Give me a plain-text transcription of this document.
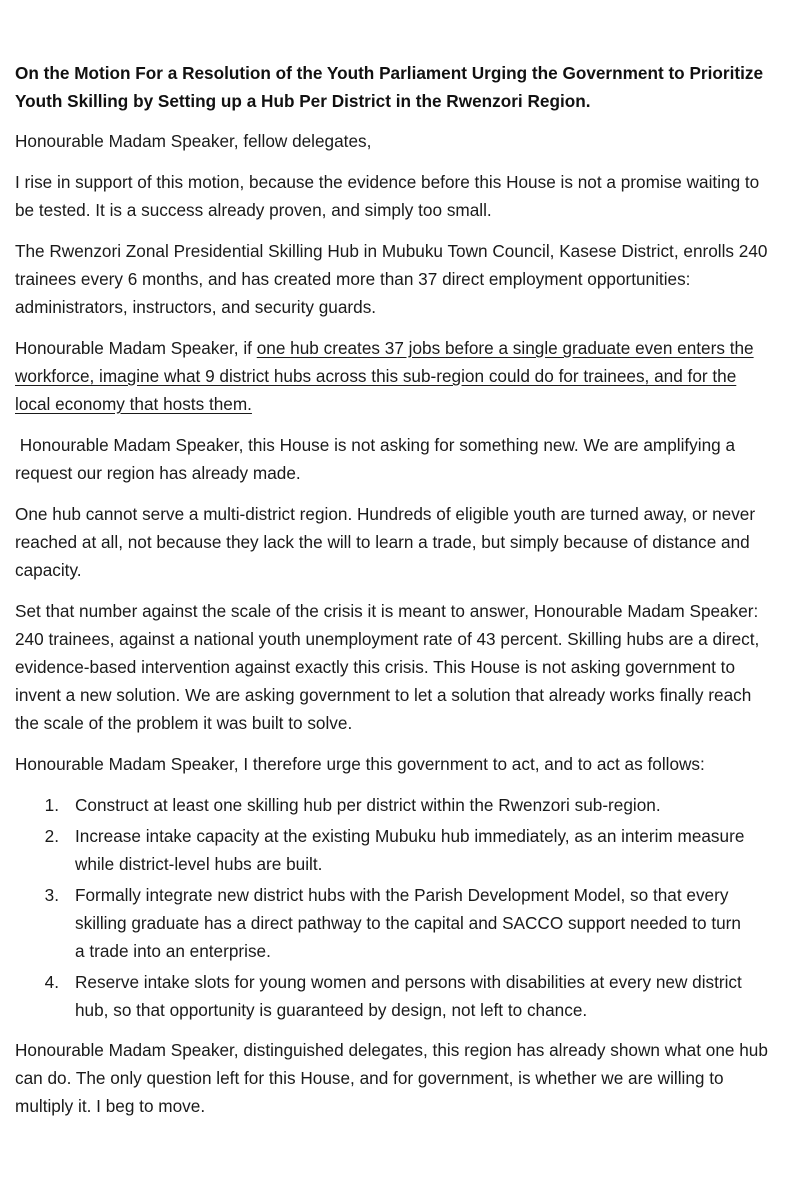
On the Motion For a Resolution of the Youth Parliament Urging the Government to Prioritize Youth Skilling by Setting up a Hub Per District in the Rwenzori Region.

Honourable Madam Speaker, fellow delegates,

I rise in support of this motion, because the evidence before this House is not a promise waiting to be tested. It is a success already proven, and simply too small.

The Rwenzori Zonal Presidential Skilling Hub in Mubuku Town Council, Kasese District, enrolls 240 trainees every 6 months, and has created more than 37 direct employment opportunities: administrators, instructors, and security guards.

Honourable Madam Speaker, if one hub creates 37 jobs before a single graduate even enters the workforce, imagine what 9 district hubs across this sub-region could do for trainees, and for the local economy that hosts them.

Honourable Madam Speaker, this House is not asking for something new. We are amplifying a request our region has already made.

One hub cannot serve a multi-district region. Hundreds of eligible youth are turned away, or never reached at all, not because they lack the will to learn a trade, but simply because of distance and capacity.

Set that number against the scale of the crisis it is meant to answer, Honourable Madam Speaker: 240 trainees, against a national youth unemployment rate of 43 percent. Skilling hubs are a direct, evidence-based intervention against exactly this crisis. This House is not asking government to invent a new solution. We are asking government to let a solution that already works finally reach the scale of the problem it was built to solve.

Honourable Madam Speaker, I therefore urge this government to act, and to act as follows:

1. Construct at least one skilling hub per district within the Rwenzori sub-region.
2. Increase intake capacity at the existing Mubuku hub immediately, as an interim measure while district-level hubs are built.
3. Formally integrate new district hubs with the Parish Development Model, so that every skilling graduate has a direct pathway to the capital and SACCO support needed to turn a trade into an enterprise.
4. Reserve intake slots for young women and persons with disabilities at every new district hub, so that opportunity is guaranteed by design, not left to chance.

Honourable Madam Speaker, distinguished delegates, this region has already shown what one hub can do. The only question left for this House, and for government, is whether we are willing to multiply it. I beg to move.
